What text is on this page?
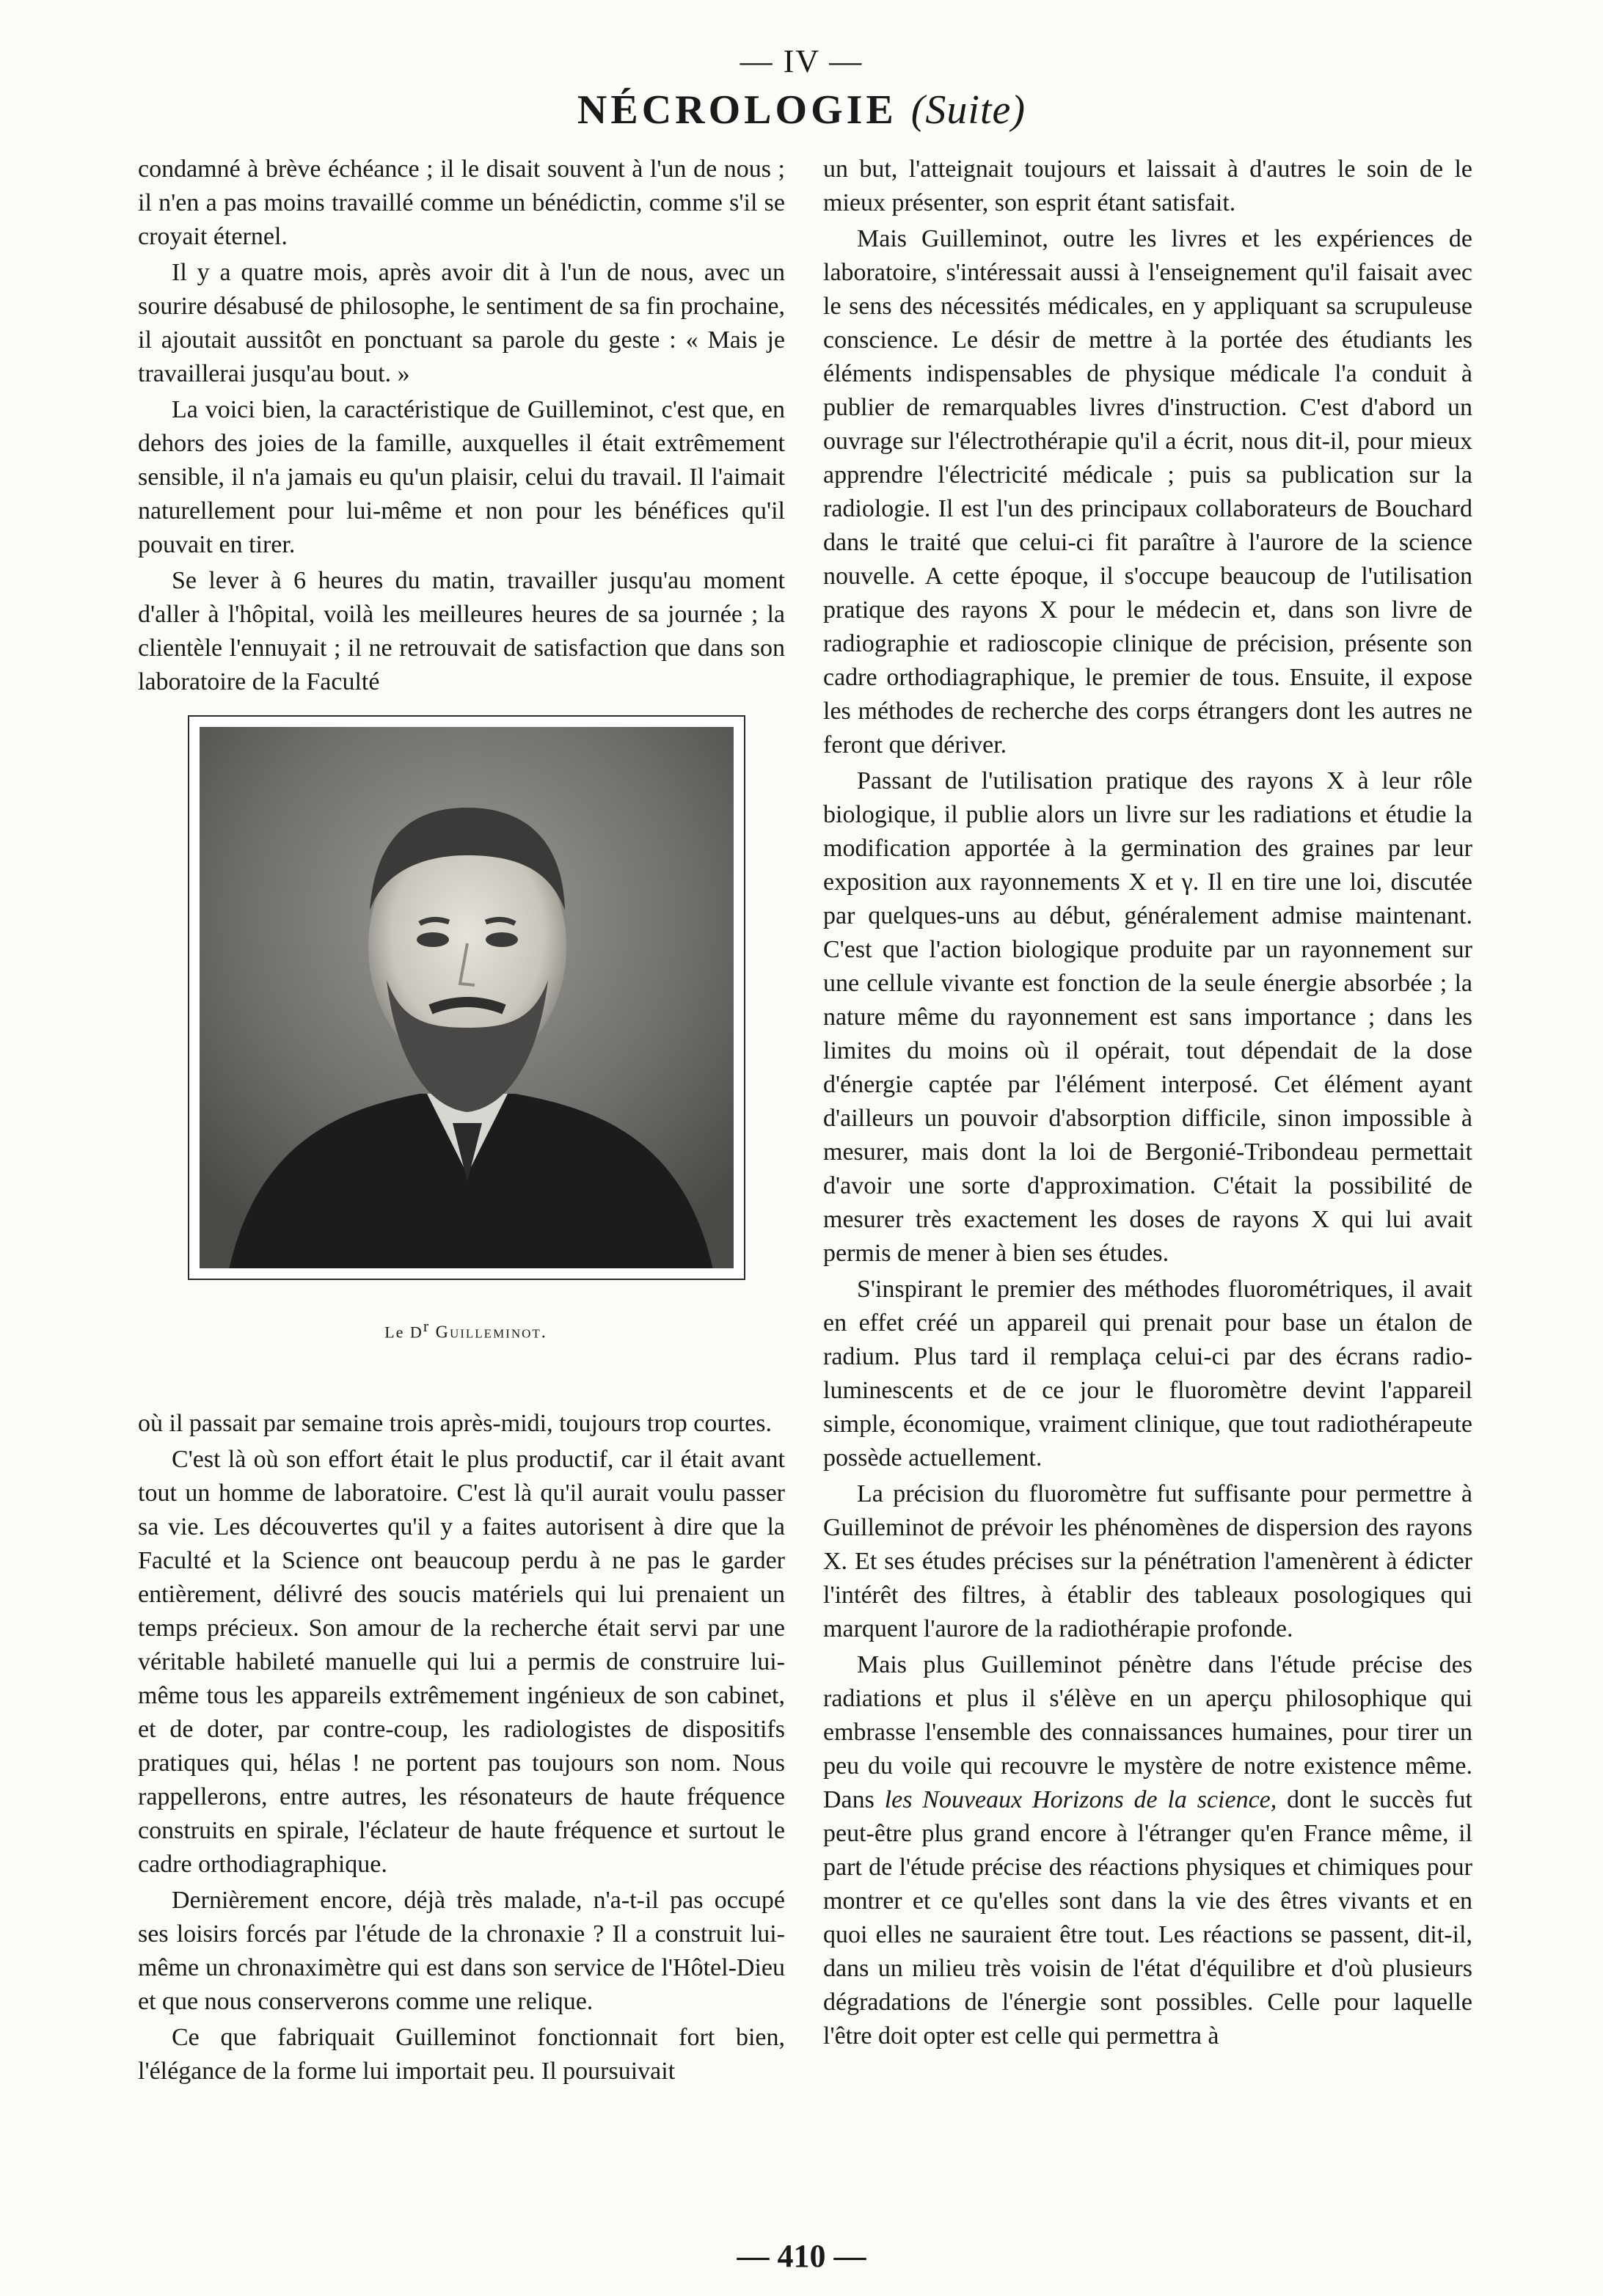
— IV —
NÉCROLOGIE (Suite)

condamné à brève échéance ; il le disait souvent à l'un de nous ; il n'en a pas moins travaillé comme un bénédictin, comme s'il se croyait éternel.

Il y a quatre mois, après avoir dit à l'un de nous, avec un sourire désabusé de philosophe, le sentiment de sa fin prochaine, il ajoutait aussitôt en ponctuant sa parole du geste : « Mais je travaillerai jusqu'au bout. »

La voici bien, la caractéristique de Guilleminot, c'est que, en dehors des joies de la famille, auxquelles il était extrêmement sensible, il n'a jamais eu qu'un plaisir, celui du travail. Il l'aimait naturellement pour lui-même et non pour les bénéfices qu'il pouvait en tirer.

Se lever à 6 heures du matin, travailler jusqu'au moment d'aller à l'hôpital, voilà les meilleures heures de sa journée ; la clientèle l'ennuyait ; il ne retrouvait de satisfaction que dans son laboratoire de la Faculté

où il passait par semaine trois après-midi, toujours trop courtes.

C'est là où son effort était le plus productif, car il était avant tout un homme de laboratoire. C'est là qu'il aurait voulu passer sa vie. Les découvertes qu'il y a faites autorisent à dire que la Faculté et la Science ont beaucoup perdu à ne pas le garder entièrement, délivré des soucis matériels qui lui prenaient un temps précieux. Son amour de la recherche était servi par une véritable habileté manuelle qui lui a permis de construire lui-même tous les appareils extrêmement ingénieux de son cabinet, et de doter, par contre-coup, les radiologistes de dispositifs pratiques qui, hélas ! ne portent pas toujours son nom. Nous rappellerons, entre autres, les résonateurs de haute fréquence construits en spirale, l'éclateur de haute fréquence et surtout le cadre orthodiagraphique.

Dernièrement encore, déjà très malade, n'a-t-il pas occupé ses loisirs forcés par l'étude de la chronaxie ? Il a construit lui-même un chronaximètre qui est dans son service de l'Hôtel-Dieu et que nous conserverons comme une relique.

Ce que fabriquait Guilleminot fonctionnait fort bien, l'élégance de la forme lui importait peu. Il poursuivait

Le $D^r$ Guilleminot.

un but, l'atteignait toujours et laissait à d'autres le soin de le mieux présenter, son esprit étant satisfait.

Mais Guilleminot, outre les livres et les expériences de laboratoire, s'intéressait aussi à l'enseignement qu'il faisait avec le sens des nécessités médicales, en y appliquant sa scrupuleuse conscience. Le désir de mettre à la portée des étudiants les éléments indispensables de physique médicale l'a conduit à publier de remarquables livres d'instruction. C'est d'abord un ouvrage sur l'électrothérapie qu'il a écrit, nous dit-il, pour mieux apprendre l'électricité médicale ; puis sa publication sur la radiologie. Il est l'un des principaux collaborateurs de Bouchard dans le traité que celui-ci fit paraître à l'aurore de la science nouvelle. A cette époque, il s'occupe beaucoup de l'utilisation pratique des rayons X pour le médecin et, dans son livre de radiographie et radioscopie clinique de précision, présente son cadre orthodiagraphique, le premier de tous. Ensuite, il expose les méthodes de recherche des corps étrangers dont les autres ne feront que dériver.

Passant de l'utilisation pratique des rayons X à leur rôle biologique, il publie alors un livre sur les radiations et étudie la modification apportée à la germination des graines par leur exposition aux rayonnements X et γ. Il en tire une loi, discutée par quelques-uns au début, généralement admise maintenant. C'est que l'action biologique produite par un rayonnement sur une cellule vivante est fonction de la seule énergie absorbée ; la nature même du rayonnement est sans importance ; dans les limites du moins où il opérait, tout dépendait de la dose d'énergie captée par l'élément interposé. Cet élément ayant d'ailleurs un pouvoir d'absorption difficile, sinon impossible à mesurer, mais dont la loi de Bergonié-Tribondeau permettait d'avoir une sorte d'approximation. C'était la possibilité de mesurer très exactement les doses de rayons X qui lui avait permis de mener à bien ses études.

S'inspirant le premier des méthodes fluorométriques, il avait en effet créé un appareil qui prenait pour base un étalon de radium. Plus tard il remplaça celui-ci par des écrans radio-luminescents et de ce jour le fluoromètre devint l'appareil simple, économique, vraiment clinique, que tout radiothérapeute possède actuellement.

La précision du fluoromètre fut suffisante pour permettre à Guilleminot de prévoir les phénomènes de dispersion des rayons X. Et ses études précises sur la pénétration l'amenèrent à édicter l'intérêt des filtres, à établir des tableaux posologiques qui marquent l'aurore de la radiothérapie profonde.

Mais plus Guilleminot pénètre dans l'étude précise des radiations et plus il s'élève en un aperçu philosophique qui embrasse l'ensemble des connaissances humaines, pour tirer un peu du voile qui recouvre le mystère de notre existence même. Dans les Nouveaux Horizons de la science, dont le succès fut peut-être plus grand encore à l'étranger qu'en France même, il part de l'étude précise des réactions physiques et chimiques pour montrer et ce qu'elles sont dans la vie des êtres vivants et en quoi elles ne sauraient être tout. Les réactions se passent, dit-il, dans un milieu très voisin de l'état d'équilibre et d'où plusieurs dégradations de l'énergie sont possibles. Celle pour laquelle l'être doit opter est celle qui permettra à

— 410 —
